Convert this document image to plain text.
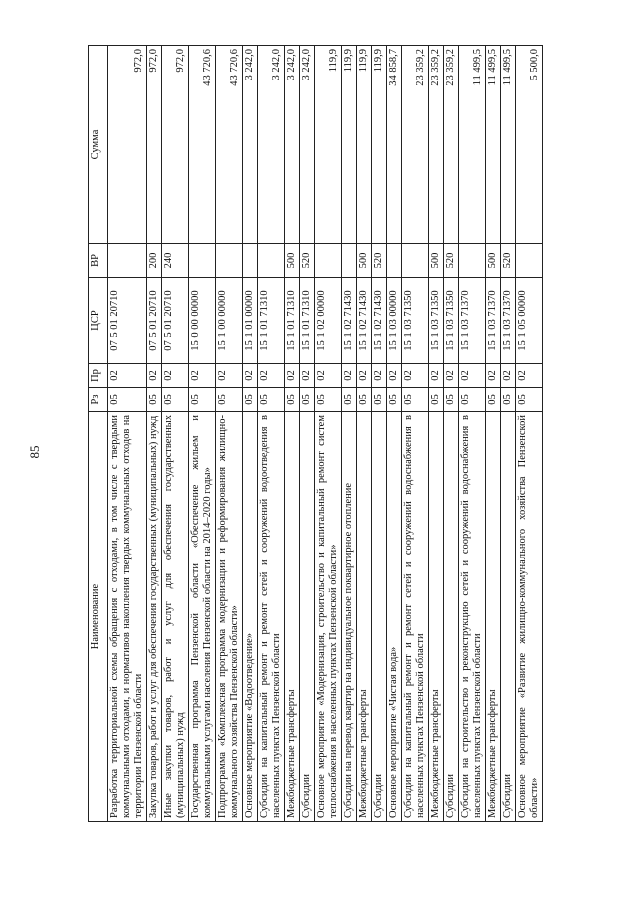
85
Наименование	Рз	Пр	ЦСР	ВР	Сумма
Разработка территориальной схемы обращения с отходами, в том числе с твердыми коммунальными отходами, и нормативов накопления твердых коммунальных отходов на территории Пензенской области	05	02	07 5 01 20710		972,0
Закупка товаров, работ и услуг для обеспечения государственных (муниципальных) нужд	05	02	07 5 01 20710	200	972,0
Иные закупки товаров, работ и услуг для обеспечения государственных (муниципальных) нужд	05	02	07 5 01 20710	240	972,0
Государственная программа Пензенской области «Обеспечение жильем и коммунальными услугами населения Пензенской области на 2014–2020 годы»	05	02	15 0 00 00000		43 720,6
Подпрограмма «Комплексная программа модернизации и реформирования жилищно-коммунального хозяйства Пензенской области»	05	02	15 1 00 00000		43 720,6
Основное мероприятие «Водоотведение»	05	02	15 1 01 00000		3 242,0
Субсидии на капитальный ремонт и ремонт сетей и сооружений водоотведения в населенных пунктах Пензенской области	05	02	15 1 01 71310		3 242,0
Межбюджетные трансферты	05	02	15 1 01 71310	500	3 242,0
Субсидии	05	02	15 1 01 71310	520	3 242,0
Основное мероприятие «Модернизация, строительство и капитальный ремонт систем теплоснабжения в населенных пунктах Пензенской области»	05	02	15 1 02 00000		119,9
Субсидии на перевод квартир на индивидуальное поквартирное отопление	05	02	15 1 02 71430		119,9
Межбюджетные трансферты	05	02	15 1 02 71430	500	119,9
Субсидии	05	02	15 1 02 71430	520	119,9
Основное мероприятие «Чистая вода»	05	02	15 1 03 00000		34 858,7
Субсидии на капитальный ремонт и ремонт сетей и сооружений водоснабжения в населенных пунктах Пензенской области	05	02	15 1 03 71350		23 359,2
Межбюджетные трансферты	05	02	15 1 03 71350	500	23 359,2
Субсидии	05	02	15 1 03 71350	520	23 359,2
Субсидии на строительство и реконструкцию сетей и сооружений водоснабжения в населенных пунктах Пензенской области	05	02	15 1 03 71370		11 499,5
Межбюджетные трансферты	05	02	15 1 03 71370	500	11 499,5
Субсидии	05	02	15 1 03 71370	520	11 499,5
Основное мероприятие «Развитие жилищно-коммунального хозяйства Пензенской области»	05	02	15 1 05 00000		5 500,0
